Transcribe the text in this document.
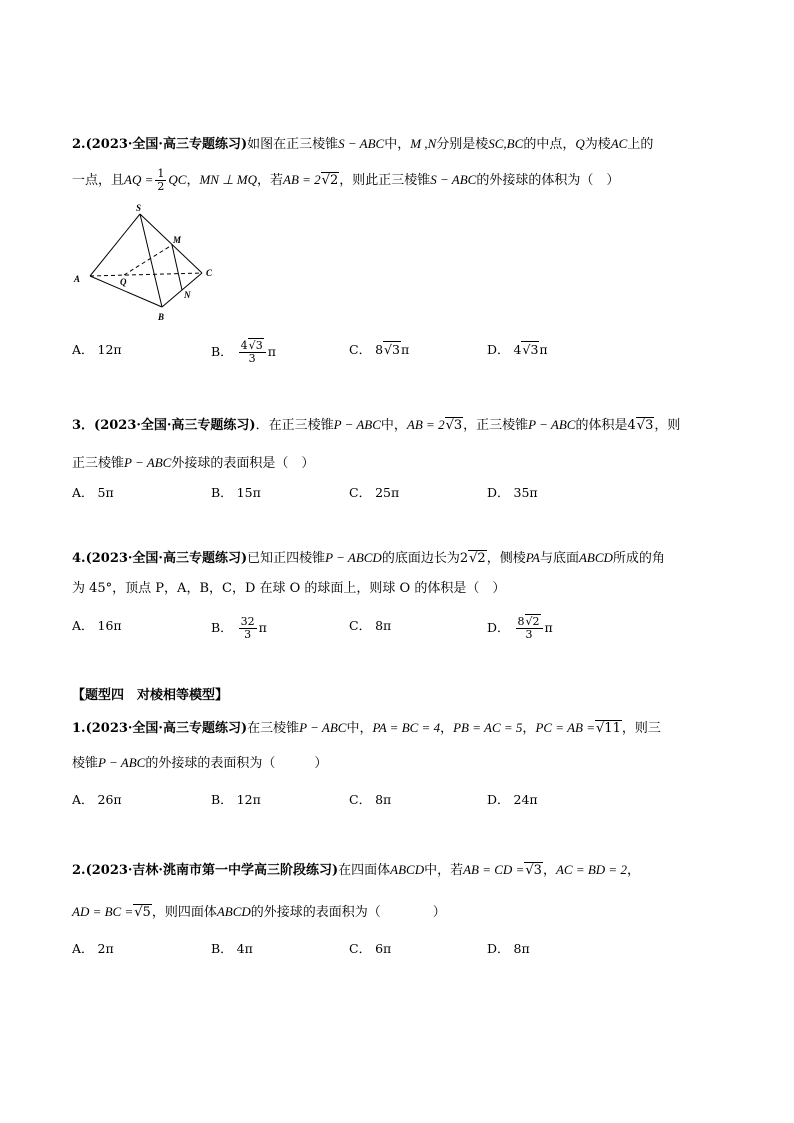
2.(2023·全国·高三专题练习)如图在正三棱锥S − ABC中，M ,N分别是棱SC,BC的中点，Q为棱AC上的
一点，且AQ = $\frac{1}{2}$ QC，MN ⊥ MQ，若AB = 2√2，则此正三棱锥S − ABC的外接球的体积为（　）
S
M
A	Q
C
N
B
A． 12π	B． $\frac{4√3}{3}$ π	C． 8√3π	D． 4√3π
3．(2023·全国·高三专题练习)．在正三棱锥P − ABC中，AB = 2√3，正三棱锥P − ABC的体积是4√3，则
正三棱锥P − ABC外接球的表面积是（　）
A． 5π	B． 15π	C． 25π	D． 35π
4.(2023·全国·高三专题练习)已知正四棱锥P − ABCD的底面边长为2√2，侧棱PA与底面ABCD所成的角
为 45°，顶点 P，A，B，C，D 在球 O 的球面上，则球 O 的体积是（　）
A． 16π	B． $\frac{32}{3}$ π	C． 8π	D． $\frac{8√2}{3}$ π
【题型四　对棱相等模型】
1.(2023·全国·高三专题练习)在三棱锥P − ABC中，PA = BC = 4，PB = AC = 5，PC = AB =√11，则三
棱锥P − ABC的外接球的表面积为（　　　）
A． 26π	B． 12π	C． 8π	D． 24π
2.(2023·吉林·洮南市第一中学高三阶段练习)在四面体ABCD中，若AB = CD =√3，AC = BD = 2，
AD = BC =√5，则四面体ABCD的外接球的表面积为（　　　　）
A． 2π	B． 4π	C． 6π	D． 8π
